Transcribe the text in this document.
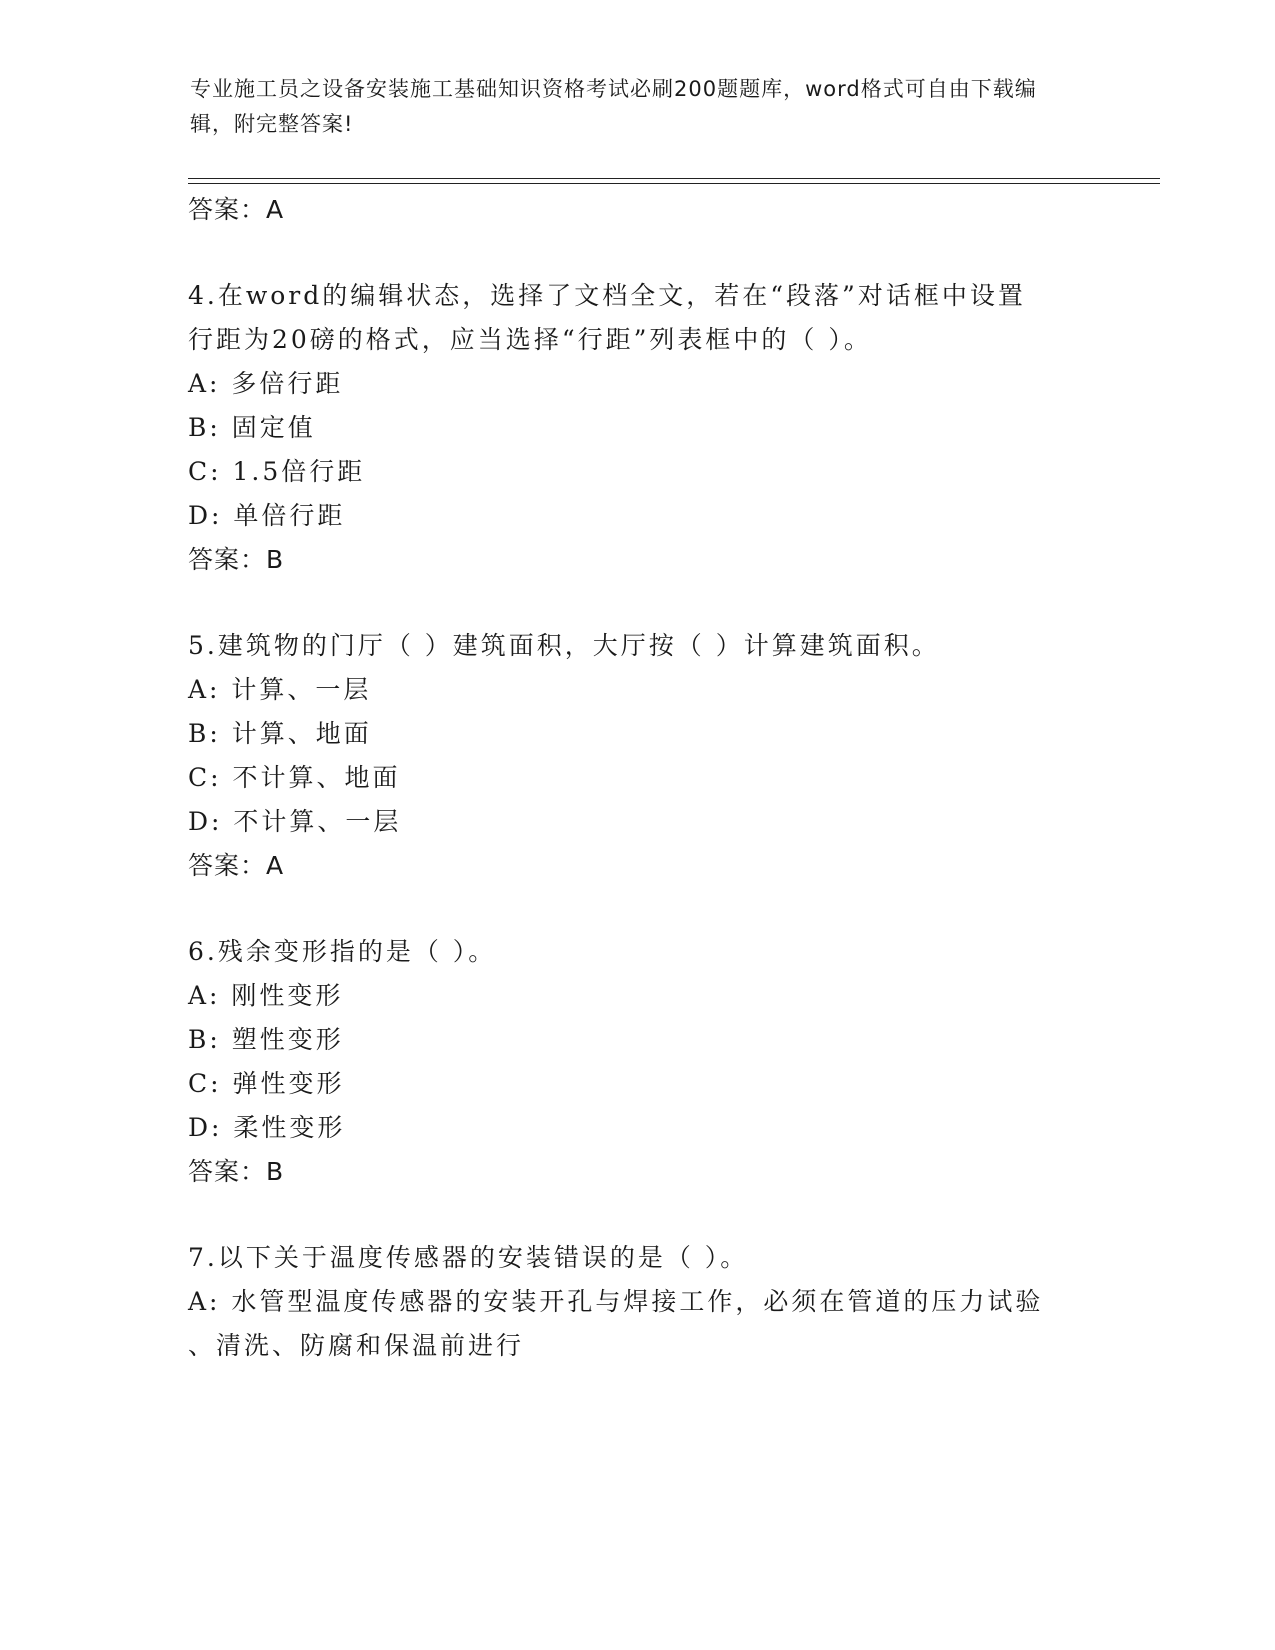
专业施工员之设备安装施工基础知识资格考试必刷200题题库，word格式可自由下载编辑，附完整答案!
答案：A
4.在word的编辑状态，选择了文档全文，若在“段落”对话框中设置
行距为20磅的格式，应当选择“行距”列表框中的（ ）。
A: 多倍行距
B: 固定值
C: 1.5倍行距
D: 单倍行距
答案：B
5.建筑物的门厅（ ）建筑面积，大厅按（ ）计算建筑面积。
A: 计算、一层
B: 计算、地面
C: 不计算、地面
D: 不计算、一层
答案：A
6.残余变形指的是（ ）。
A: 刚性变形
B: 塑性变形
C: 弹性变形
D: 柔性变形
答案：B
7.以下关于温度传感器的安装错误的是（ ）。
A: 水管型温度传感器的安装开孔与焊接工作，必须在管道的压力试验
、清洗、防腐和保温前进行
